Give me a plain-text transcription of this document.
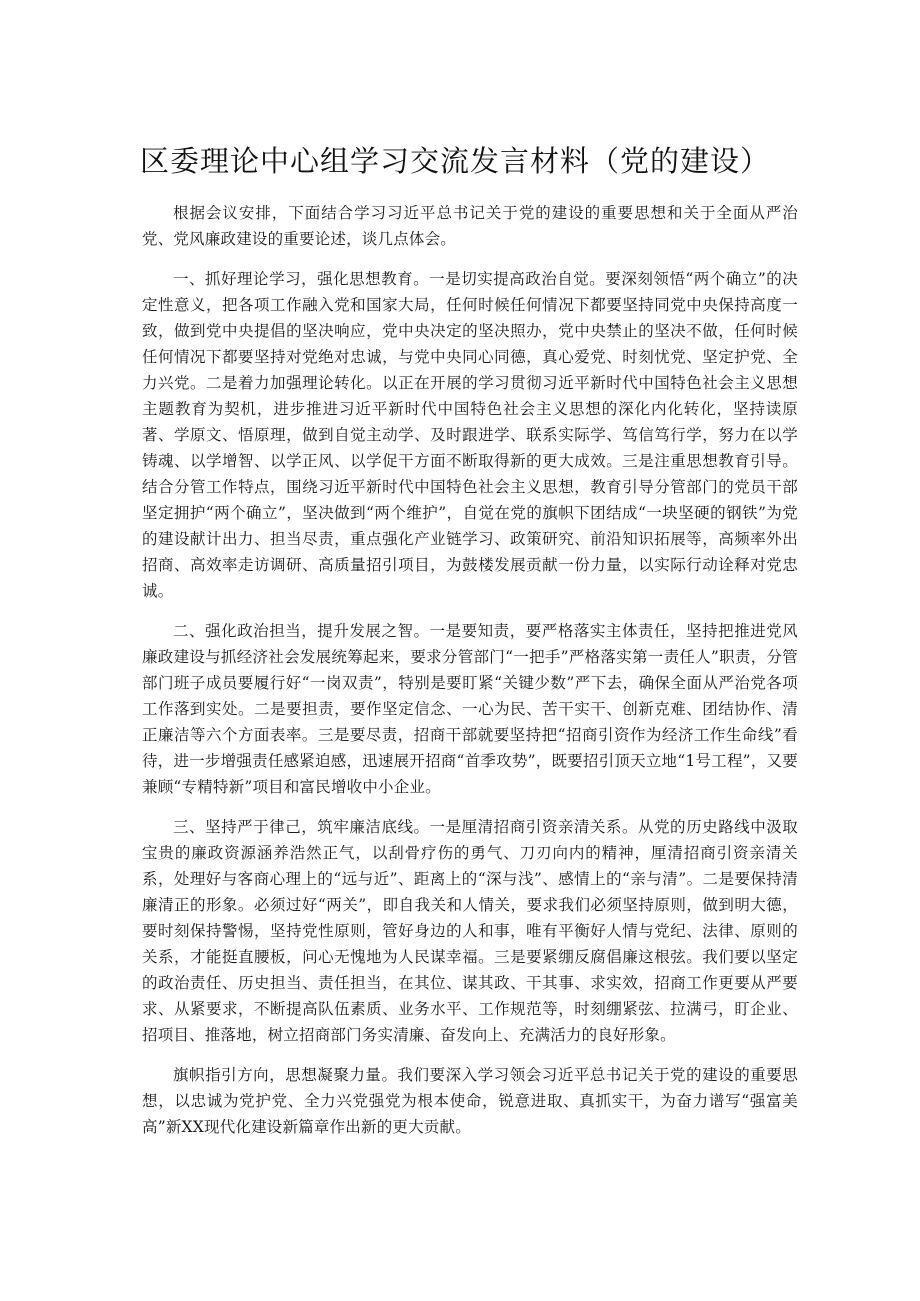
区委理论中心组学习交流发言材料（党的建设）

根据会议安排，下面结合学习习近平总书记关于党的建设的重要思想和关于全面从严治党、党风廉政建设的重要论述，谈几点体会。

一、抓好理论学习，强化思想教育。一是切实提高政治自觉。要深刻领悟“两个确立”的决定性意义，把各项工作融入党和国家大局，任何时候任何情况下都要坚持同党中央保持高度一致，做到党中央提倡的坚决响应，党中央决定的坚决照办，党中央禁止的坚决不做，任何时候任何情况下都要坚持对党绝对忠诚，与党中央同心同德，真心爱党、时刻忧党、坚定护党、全力兴党。二是着力加强理论转化。以正在开展的学习贯彻习近平新时代中国特色社会主义思想主题教育为契机，进步推进习近平新时代中国特色社会主义思想的深化内化转化，坚持读原著、学原文、悟原理，做到自觉主动学、及时跟进学、联系实际学、笃信笃行学，努力在以学铸魂、以学增智、以学正风、以学促干方面不断取得新的更大成效。三是注重思想教育引导。结合分管工作特点，围绕习近平新时代中国特色社会主义思想，教育引导分管部门的党员干部坚定拥护“两个确立”，坚决做到“两个维护”，自觉在党的旗帜下团结成“一块坚硬的钢铁”为党的建设献计出力、担当尽责，重点强化产业链学习、政策研究、前沿知识拓展等，高频率外出招商、高效率走访调研、高质量招引项目，为鼓楼发展贡献一份力量，以实际行动诠释对党忠诚。

二、强化政治担当，提升发展之智。一是要知责，要严格落实主体责任，坚持把推进党风廉政建设与抓经济社会发展统筹起来，要求分管部门“一把手”严格落实第一责任人”职责，分管部门班子成员要履行好“一岗双责”，特别是要盯紧“关键少数”严下去，确保全面从严治党各项工作落到实处。二是要担责，要作坚定信念、一心为民、苦干实干、创新克难、团结协作、清正廉洁等六个方面表率。三是要尽责，招商干部就要坚持把“招商引资作为经济工作生命线”看待，进一步增强责任感紧迫感，迅速展开招商“首季攻势”，既要招引顶天立地“1号工程”，又要兼顾“专精特新”项目和富民增收中小企业。

三、坚持严于律己，筑牢廉洁底线。一是厘清招商引资亲清关系。从党的历史路线中汲取宝贵的廉政资源涵养浩然正气，以刮骨疗伤的勇气、刀刃向内的精神，厘清招商引资亲清关系，处理好与客商心理上的“远与近”、距离上的“深与浅”、感情上的“亲与清”。二是要保持清廉清正的形象。必须过好“两关”，即自我关和人情关，要求我们必须坚持原则，做到明大德，要时刻保持警惕，坚持党性原则，管好身边的人和事，唯有平衡好人情与党纪、法律、原则的关系，才能挺直腰板，问心无愧地为人民谋幸福。三是要紧绷反腐倡廉这根弦。我们要以坚定的政治责任、历史担当、责任担当，在其位、谋其政、干其事、求实效，招商工作更要从严要求、从紧要求，不断提高队伍素质、业务水平、工作规范等，时刻绷紧弦、拉满弓，盯企业、招项目、推落地，树立招商部门务实清廉、奋发向上、充满活力的良好形象。

旗帜指引方向，思想凝聚力量。我们要深入学习领会习近平总书记关于党的建设的重要思想，以忠诚为党护党、全力兴党强党为根本使命，锐意进取、真抓实干，为奋力谱写“强富美高”新XX现代化建设新篇章作出新的更大贡献。
